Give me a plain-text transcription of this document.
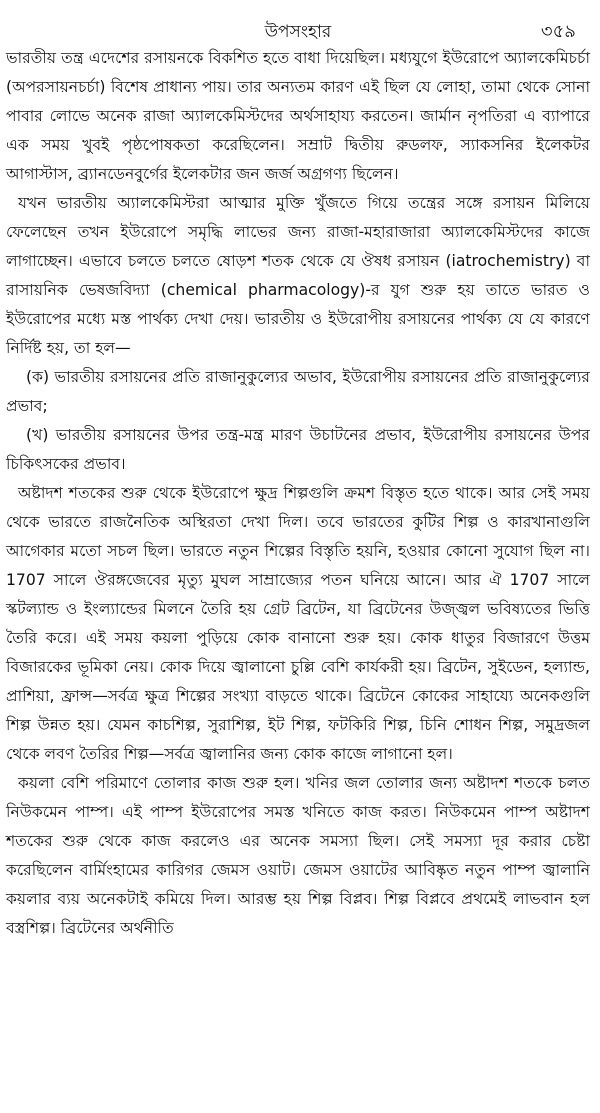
উপসংহার	৩৫৯

ভারতীয় তন্ত্র এদেশের রসায়নকে বিকশিত হতে বাধা দিয়েছিল। মধ্যযুগে ইউরোপে অ্যালকেমিচর্চা (অপরসায়নচর্চা) বিশেষ প্রাধান্য পায়। তার অন্যতম কারণ এই ছিল যে লোহা, তামা থেকে সোনা পাবার লোভে অনেক রাজা অ্যালকেমিস্টদের অর্থসাহায্য করতেন। জার্মান নৃপতিরা এ ব্যাপারে এক সময় খুবই পৃষ্ঠপোষকতা করেছিলেন। সম্রাট দ্বিতীয় রুডলফ, স্যাকসনির ইলেকটর আগাস্টাস, ব্র্যানডেনবুর্গের ইলেকটার জন জর্জ অগ্রগণ্য ছিলেন।

যখন ভারতীয় অ্যালকেমিস্টরা আত্মার মুক্তি খুঁজতে গিয়ে তন্ত্রের সঙ্গে রসায়ন মিলিয়ে ফেলেছেন তখন ইউরোপে সমৃদ্ধি লাভের জন্য রাজা-মহারাজারা অ্যালকেমিস্টদের কাজে লাগাচ্ছেন। এভাবে চলতে চলতে ষোড়শ শতক থেকে যে ঔষধ রসায়ন (iatrochemistry) বা রাসায়নিক ভেষজবিদ্যা (chemical pharmacology)-র যুগ শুরু হয় তাতে ভারত ও ইউরোপের মধ্যে মস্ত পার্থক্য দেখা দেয়। ভারতীয় ও ইউরোপীয় রসায়নের পার্থক্য যে যে কারণে নির্দিষ্ট হয়, তা হল—

(ক) ভারতীয় রসায়নের প্রতি রাজানুকুল্যের অভাব, ইউরোপীয় রসায়নের প্রতি রাজানুকুল্যের প্রভাব;

(খ) ভারতীয় রসায়নের উপর তন্ত্র-মন্ত্র মারণ উচাটনের প্রভাব, ইউরোপীয় রসায়নের উপর চিকিৎসকের প্রভাব।

অষ্টাদশ শতকের শুরু থেকে ইউরোপে ক্ষুদ্র শিল্পগুলি ক্রমশ বিস্তৃত হতে থাকে। আর সেই সময় থেকে ভারতে রাজনৈতিক অস্থিরতা দেখা দিল। তবে ভারতের কুটির শিল্প ও কারখানাগুলি আগেকার মতো সচল ছিল। ভারতে নতুন শিল্পের বিস্তৃতি হয়নি, হওয়ার কোনো সুযোগ ছিল না। 1707 সালে ঔরঙ্গজেবের মৃত্যু মুঘল সাম্রাজ্যের পতন ঘনিয়ে আনে। আর ঐ 1707 সালে স্কটল্যান্ড ও ইংল্যান্ডের মিলনে তৈরি হয় গ্রেট ব্রিটেন, যা ব্রিটেনের উজ্জ্বল ভবিষ্যতের ভিত্তি তৈরি করে। এই সময় কয়লা পুড়িয়ে কোক বানানো শুরু হয়। কোক ধাতুর বিজারণে উত্তম বিজারকের ভূমিকা নেয়। কোক দিয়ে জ্বালানো চুল্লি বেশি কার্যকরী হয়। ব্রিটেন, সুইডেন, হল্যান্ড, প্রাশিয়া, ফ্রান্স—সর্বত্র ক্ষুত্র শিল্পের সংখ্যা বাড়তে থাকে। ব্রিটেনে কোকের সাহায্যে অনেকগুলি শিল্প উন্নত হয়। যেমন কাচশিল্প, সুরাশিল্প, ইট শিল্প, ফটকিরি শিল্প, চিনি শোধন শিল্প, সমুদ্রজল থেকে লবণ তৈরির শিল্প—সর্বত্র জ্বালানির জন্য কোক কাজে লাগানো হল।

কয়লা বেশি পরিমাণে তোলার কাজ শুরু হল। খনির জল তোলার জন্য অষ্টাদশ শতকে চলত নিউকমেন পাম্প। এই পাম্প ইউরোপের সমস্ত খনিতে কাজ করত। নিউকমেন পাম্প অষ্টাদশ শতকের শুরু থেকে কাজ করলেও এর অনেক সমস্যা ছিল। সেই সমস্যা দূর করার চেষ্টা করেছিলেন বার্মিংহামের কারিগর জেমস ওয়াট। জেমস ওয়াটের আবিষ্কৃত নতুন পাম্প জ্বালানি কয়লার ব্যয় অনেকটাই কমিয়ে দিল। আরম্ভ হয় শিল্প বিপ্লব। শিল্প বিপ্লবে প্রথমেই লাভবান হল বস্ত্রশিল্প। ব্রিটেনের অর্থনীতি
